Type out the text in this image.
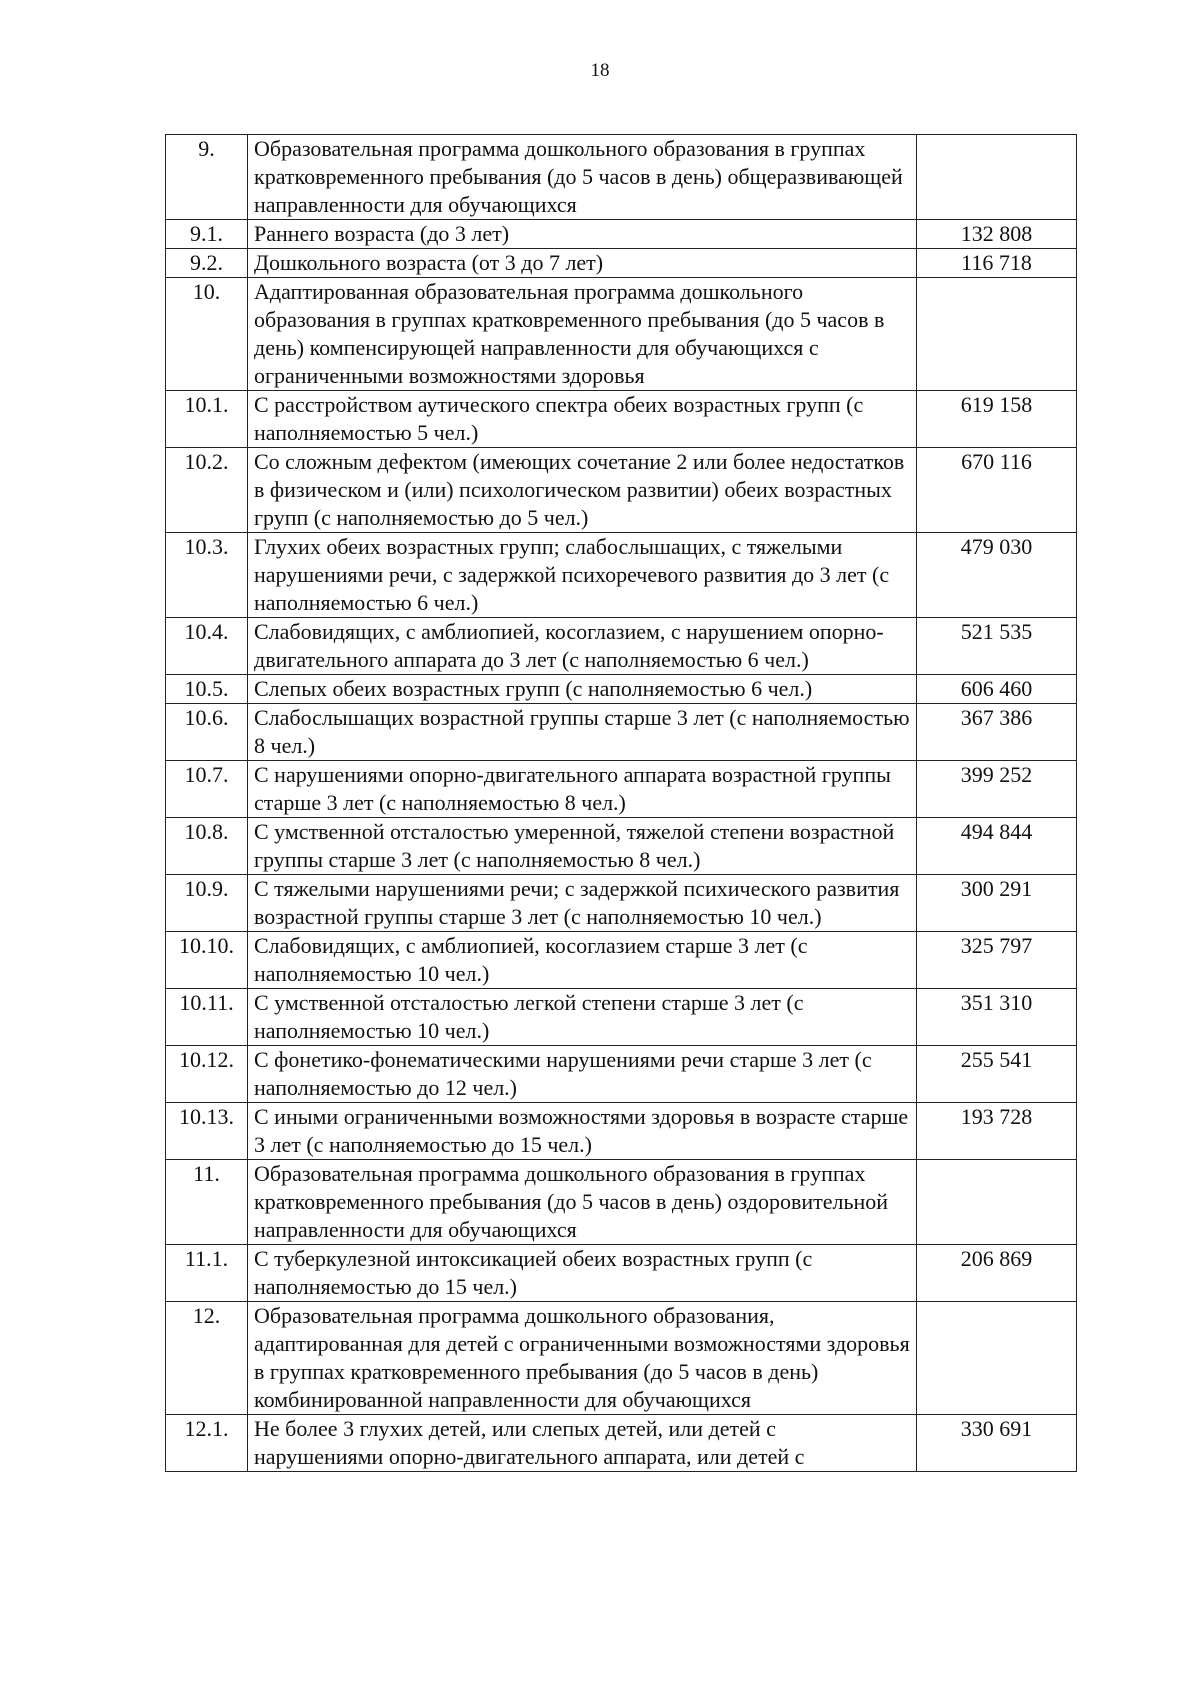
18
9.	Образовательная программа дошкольного образования в группах кратковременного пребывания (до 5 часов в день) общеразвивающей направленности для обучающихся	
9.1.	Раннего возраста (до 3 лет)	132 808
9.2.	Дошкольного возраста (от 3 до 7 лет)	116 718
10.	Адаптированная образовательная программа дошкольного образования в группах кратковременного пребывания (до 5 часов в день) компенсирующей направленности для обучающихся с ограниченными возможностями здоровья	
10.1.	С расстройством аутического спектра обеих возрастных групп (с наполняемостью 5 чел.)	619 158
10.2.	Со сложным дефектом (имеющих сочетание 2 или более недостатков в физическом и (или) психологическом развитии) обеих возрастных групп (с наполняемостью до 5 чел.)	670 116
10.3.	Глухих обеих возрастных групп; слабослышащих, с тяжелыми нарушениями речи, с задержкой психоречевого развития до 3 лет (с наполняемостью 6 чел.)	479 030
10.4.	Слабовидящих, с амблиопией, косоглазием, с нарушением опорно-двигательного аппарата до 3 лет (с наполняемостью 6 чел.)	521 535
10.5.	Слепых обеих возрастных групп (с наполняемостью 6 чел.)	606 460
10.6.	Слабослышащих возрастной группы старше 3 лет (с наполняемостью 8 чел.)	367 386
10.7.	С нарушениями опорно-двигательного аппарата возрастной группы старше 3 лет (с наполняемостью 8 чел.)	399 252
10.8.	С умственной отсталостью умеренной, тяжелой степени возрастной группы старше 3 лет (с наполняемостью 8 чел.)	494 844
10.9.	С тяжелыми нарушениями речи; с задержкой психического развития возрастной группы старше 3 лет (с наполняемостью 10 чел.)	300 291
10.10.	Слабовидящих, с амблиопией, косоглазием старше 3 лет (с наполняемостью 10 чел.)	325 797
10.11.	С умственной отсталостью легкой степени старше 3 лет (с наполняемостью 10 чел.)	351 310
10.12.	С фонетико-фонематическими нарушениями речи старше 3 лет (с наполняемостью до 12 чел.)	255 541
10.13.	С иными ограниченными возможностями здоровья в возрасте старше 3 лет (с наполняемостью до 15 чел.)	193 728
11.	Образовательная программа дошкольного образования в группах кратковременного пребывания (до 5 часов в день) оздоровительной направленности для обучающихся	
11.1.	С туберкулезной интоксикацией обеих возрастных групп (с наполняемостью до 15 чел.)	206 869
12.	Образовательная программа дошкольного образования, адаптированная для детей с ограниченными возможностями здоровья в группах кратковременного пребывания (до 5 часов в день) комбинированной направленности для обучающихся	
12.1.	Не более 3 глухих детей, или слепых детей, или детей с нарушениями опорно-двигательного аппарата, или детей с	330 691
